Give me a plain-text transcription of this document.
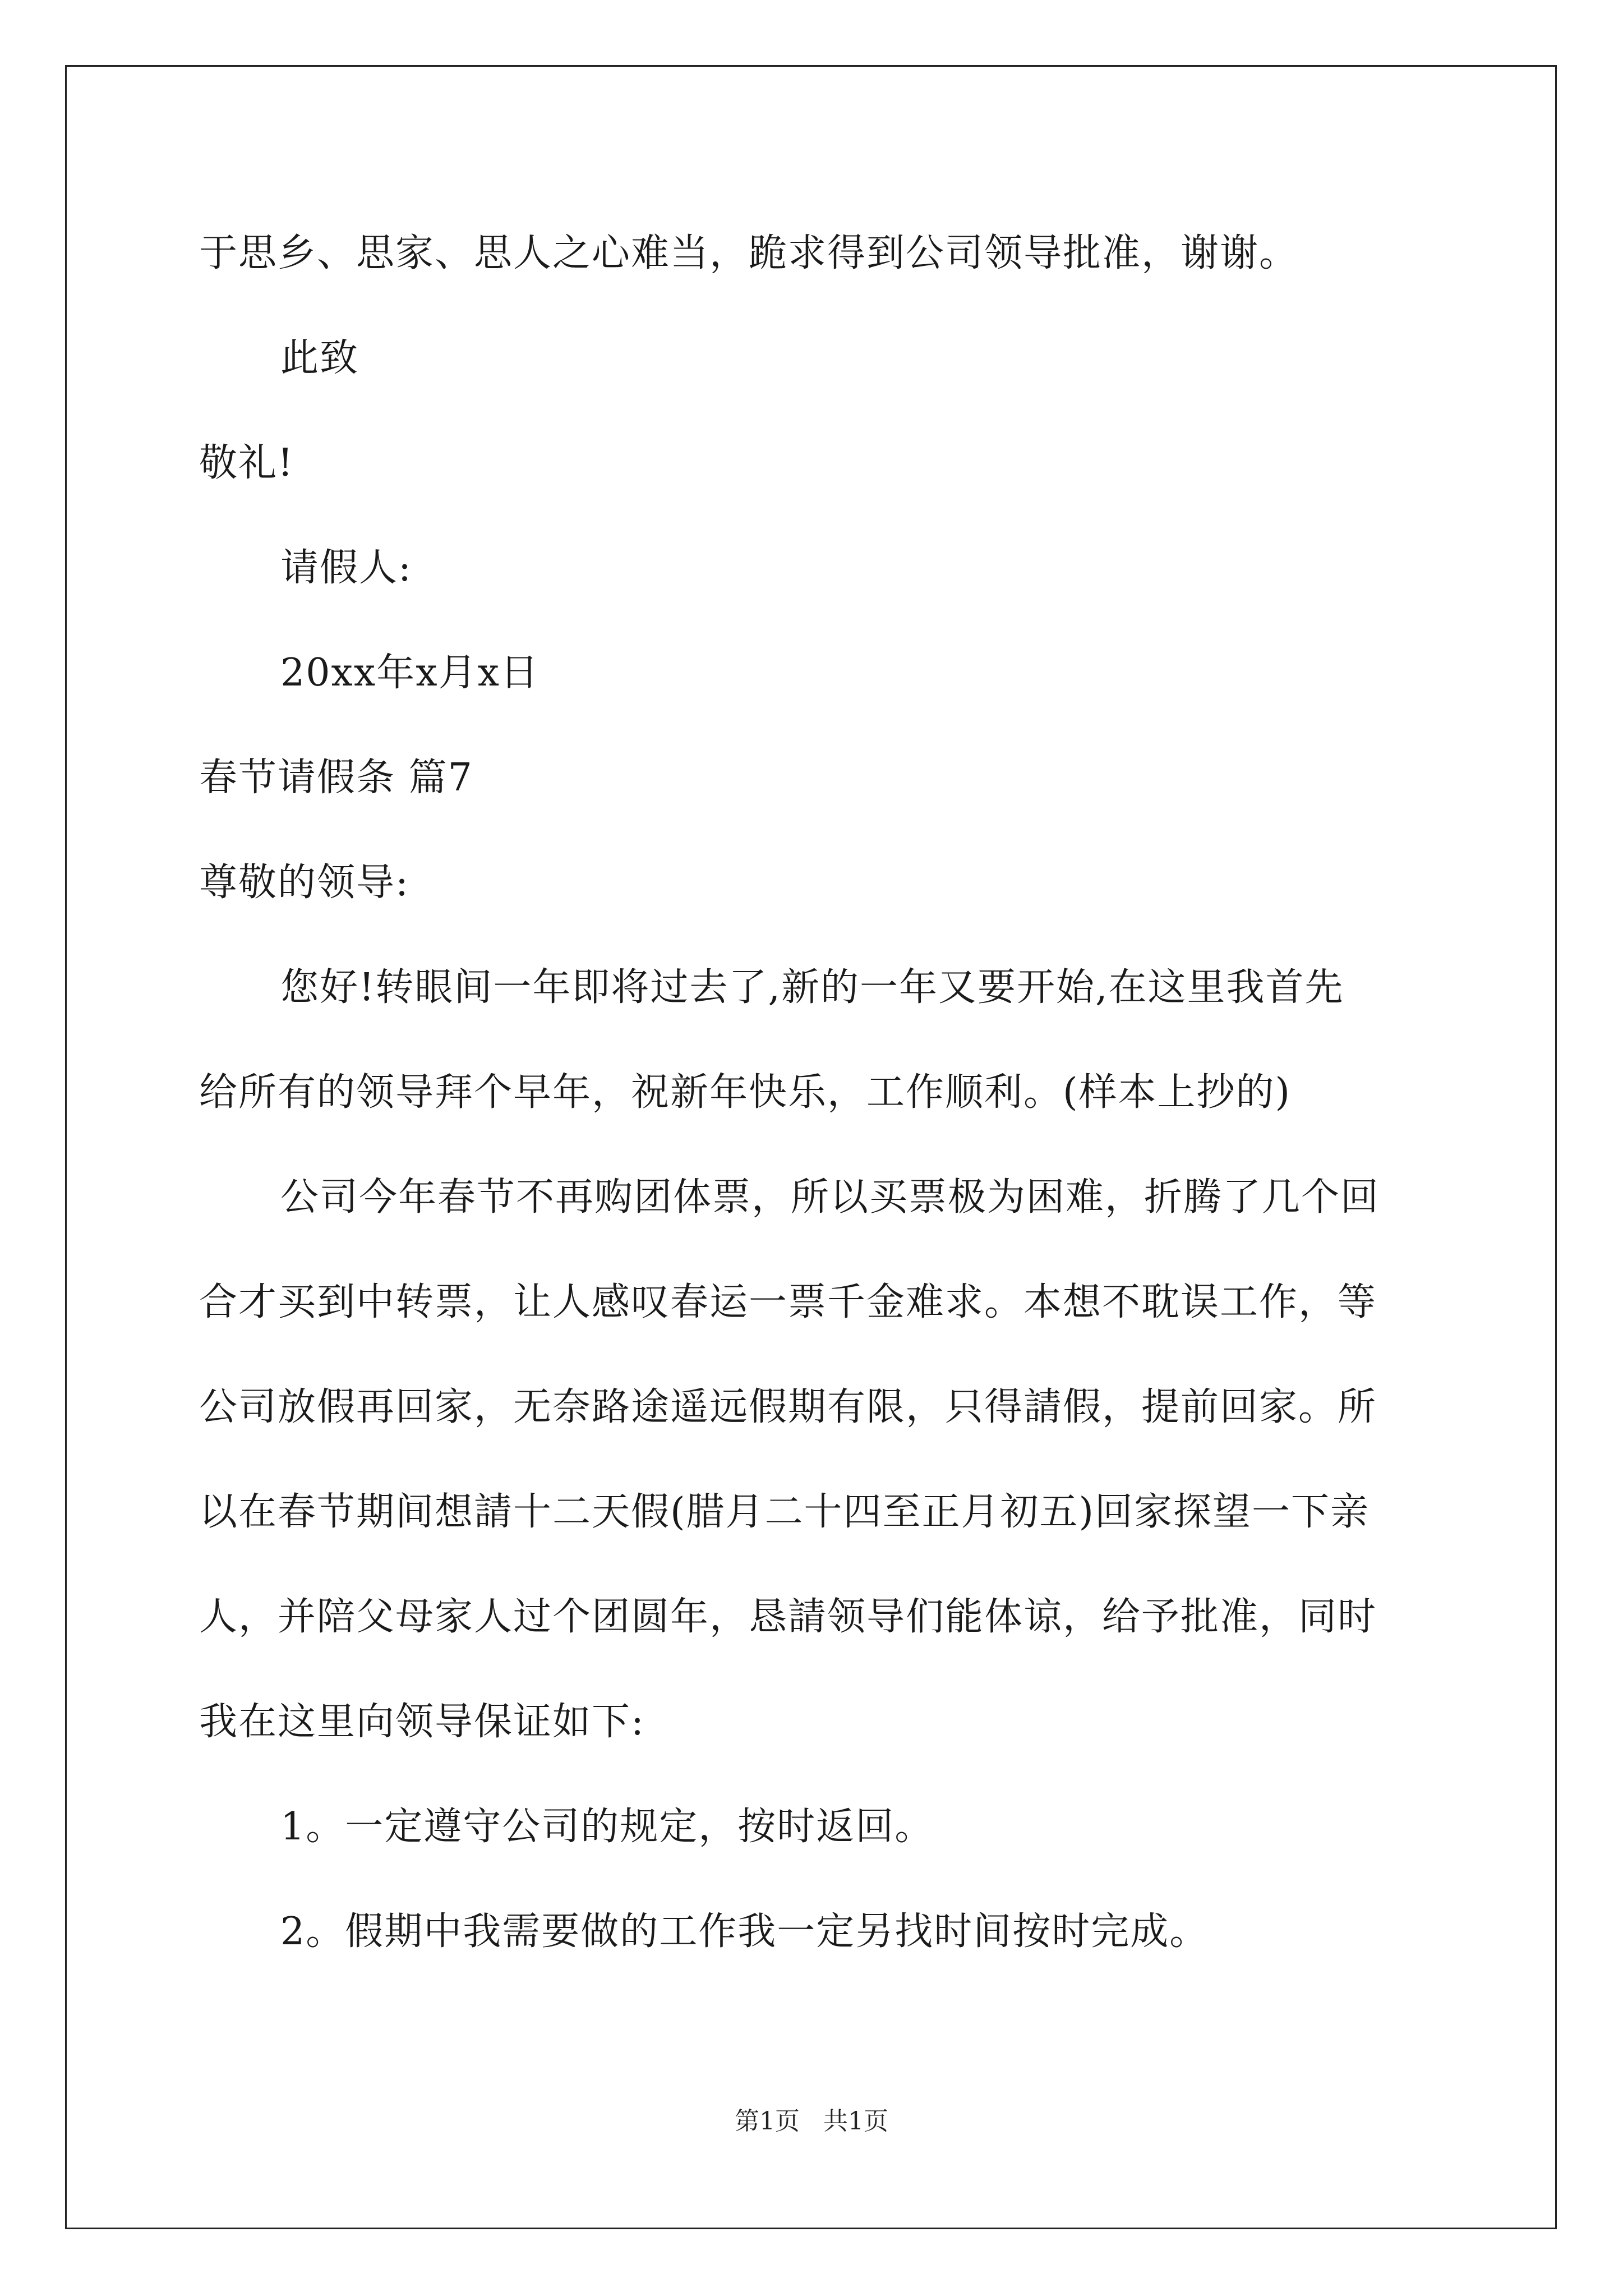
于思乡、思家、思人之心难当，跪求得到公司领导批准，谢谢。
此致
敬礼!
请假人:
20xx年x月x日
春节请假条 篇7
尊敬的领导:
您好!转眼间一年即将过去了,新的一年又要开始,在这里我首先
给所有的领导拜个早年，祝新年快乐，工作顺利。(样本上抄的)
公司今年春节不再购团体票，所以买票极为困难，折腾了几个回
合才买到中转票，让人感叹春运一票千金难求。本想不耽误工作，等
公司放假再回家，无奈路途遥远假期有限，只得請假，提前回家。所
以在春节期间想請十二天假(腊月二十四至正月初五)回家探望一下亲
人，并陪父母家人过个团圆年，恳請领导们能体谅，给予批准，同时
我在这里向领导保证如下:
1。一定遵守公司的规定，按时返回。
2。假期中我需要做的工作我一定另找时间按时完成。
第1页 共1页
